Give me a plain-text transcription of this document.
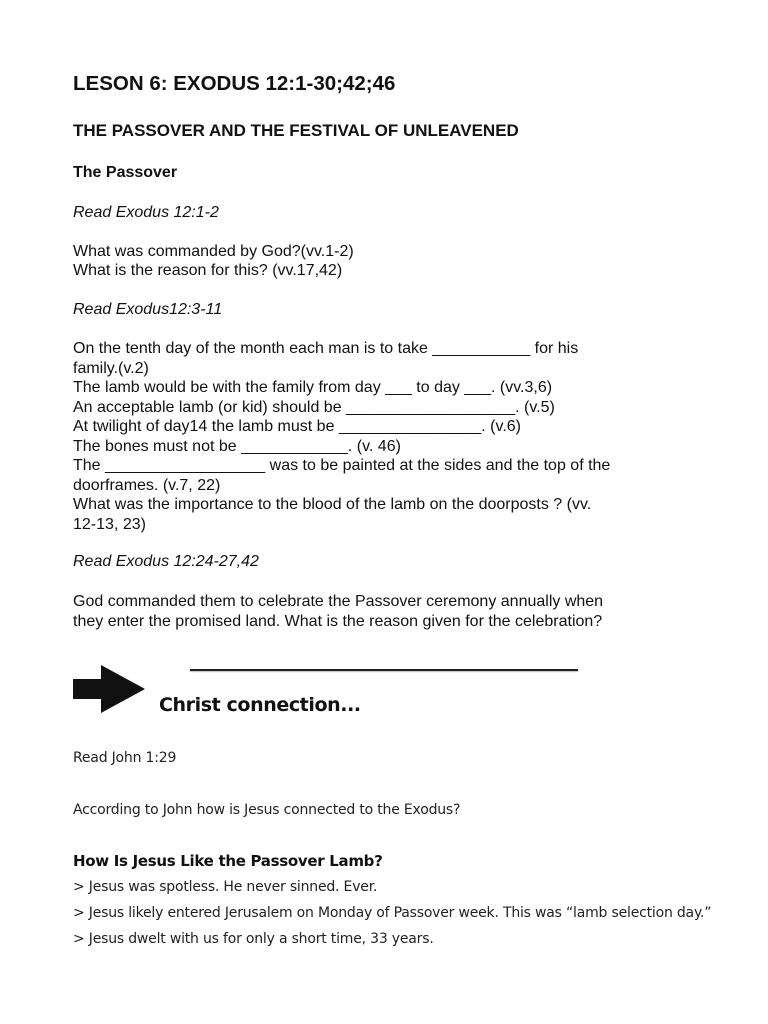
LESON 6: EXODUS 12:1-30;42;46
THE PASSOVER AND THE FESTIVAL OF UNLEAVENED
The Passover
Read Exodus 12:1-2
What was commanded by God?(vv.1-2)
What is the reason for this? (vv.17,42)
Read Exodus12:3-11
On the tenth day of the month each man is to take ___________ for his
family.(v.2)
The lamb would be with the family from day ___ to day ___. (vv.3,6)
An acceptable lamb (or kid) should be ___________________. (v.5)
At twilight of day14 the lamb must be ________________. (v.6)
The bones must not be ____________. (v. 46)
The __________________ was to be painted at the sides and the top of the
doorframes. (v.7, 22)
What was the importance to the blood of the lamb on the doorposts ? (vv.
12-13, 23)
Read Exodus 12:24-27,42
God commanded them to celebrate the Passover ceremony annually when
they enter the promised land. What is the reason given for the celebration?
Christ connection...
Read John 1:29
According to John how is Jesus connected to the Exodus?
How Is Jesus Like the Passover Lamb?
> Jesus was spotless. He never sinned. Ever.
> Jesus likely entered Jerusalem on Monday of Passover week. This was “lamb selection day.”
> Jesus dwelt with us for only a short time, 33 years.
